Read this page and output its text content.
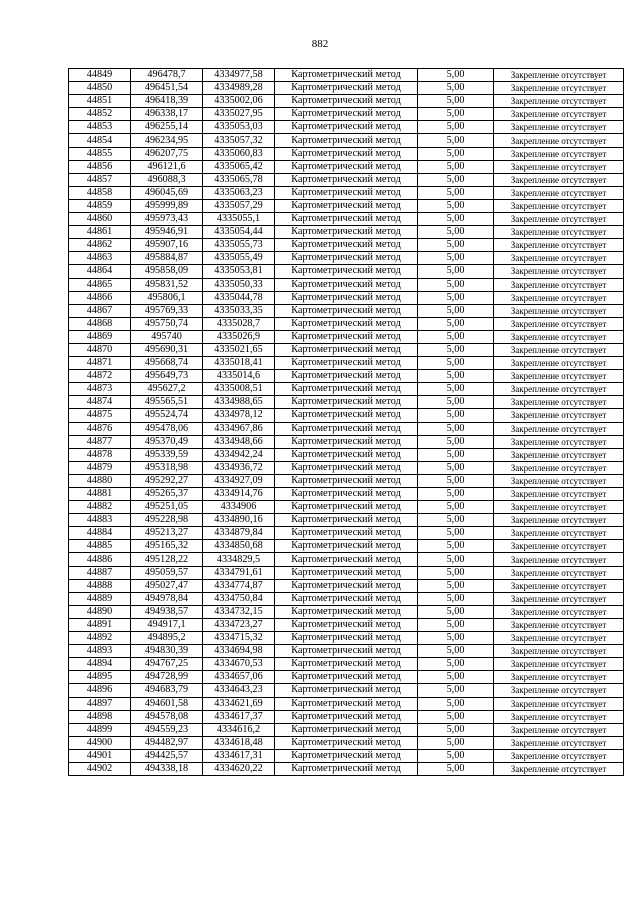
882
44849	496478,7	4334977,58	Картометрический метод	5,00	Закрепление отсутствует
44850	496451,54	4334989,28	Картометрический метод	5,00	Закрепление отсутствует
44851	496418,39	4335002,06	Картометрический метод	5,00	Закрепление отсутствует
44852	496338,17	4335027,95	Картометрический метод	5,00	Закрепление отсутствует
44853	496255,14	4335053,03	Картометрический метод	5,00	Закрепление отсутствует
44854	496234,95	4335057,32	Картометрический метод	5,00	Закрепление отсутствует
44855	496207,75	4335060,83	Картометрический метод	5,00	Закрепление отсутствует
44856	496121,6	4335065,42	Картометрический метод	5,00	Закрепление отсутствует
44857	496088,3	4335065,78	Картометрический метод	5,00	Закрепление отсутствует
44858	496045,69	4335063,23	Картометрический метод	5,00	Закрепление отсутствует
44859	495999,89	4335057,29	Картометрический метод	5,00	Закрепление отсутствует
44860	495973,43	4335055,1	Картометрический метод	5,00	Закрепление отсутствует
44861	495946,91	4335054,44	Картометрический метод	5,00	Закрепление отсутствует
44862	495907,16	4335055,73	Картометрический метод	5,00	Закрепление отсутствует
44863	495884,87	4335055,49	Картометрический метод	5,00	Закрепление отсутствует
44864	495858,09	4335053,81	Картометрический метод	5,00	Закрепление отсутствует
44865	495831,52	4335050,33	Картометрический метод	5,00	Закрепление отсутствует
44866	495806,1	4335044,78	Картометрический метод	5,00	Закрепление отсутствует
44867	495769,33	4335033,35	Картометрический метод	5,00	Закрепление отсутствует
44868	495750,74	4335028,7	Картометрический метод	5,00	Закрепление отсутствует
44869	495740	4335026,9	Картометрический метод	5,00	Закрепление отсутствует
44870	495690,31	4335021,65	Картометрический метод	5,00	Закрепление отсутствует
44871	495668,74	4335018,41	Картометрический метод	5,00	Закрепление отсутствует
44872	495649,73	4335014,6	Картометрический метод	5,00	Закрепление отсутствует
44873	495627,2	4335008,51	Картометрический метод	5,00	Закрепление отсутствует
44874	495565,51	4334988,65	Картометрический метод	5,00	Закрепление отсутствует
44875	495524,74	4334978,12	Картометрический метод	5,00	Закрепление отсутствует
44876	495478,06	4334967,86	Картометрический метод	5,00	Закрепление отсутствует
44877	495370,49	4334948,66	Картометрический метод	5,00	Закрепление отсутствует
44878	495339,59	4334942,24	Картометрический метод	5,00	Закрепление отсутствует
44879	495318,98	4334936,72	Картометрический метод	5,00	Закрепление отсутствует
44880	495292,27	4334927,09	Картометрический метод	5,00	Закрепление отсутствует
44881	495265,37	4334914,76	Картометрический метод	5,00	Закрепление отсутствует
44882	495251,05	4334906	Картометрический метод	5,00	Закрепление отсутствует
44883	495228,98	4334890,16	Картометрический метод	5,00	Закрепление отсутствует
44884	495213,27	4334879,84	Картометрический метод	5,00	Закрепление отсутствует
44885	495165,32	4334850,68	Картометрический метод	5,00	Закрепление отсутствует
44886	495128,22	4334829,5	Картометрический метод	5,00	Закрепление отсутствует
44887	495059,57	4334791,61	Картометрический метод	5,00	Закрепление отсутствует
44888	495027,47	4334774,87	Картометрический метод	5,00	Закрепление отсутствует
44889	494978,84	4334750,84	Картометрический метод	5,00	Закрепление отсутствует
44890	494938,57	4334732,15	Картометрический метод	5,00	Закрепление отсутствует
44891	494917,1	4334723,27	Картометрический метод	5,00	Закрепление отсутствует
44892	494895,2	4334715,32	Картометрический метод	5,00	Закрепление отсутствует
44893	494830,39	4334694,98	Картометрический метод	5,00	Закрепление отсутствует
44894	494767,25	4334670,53	Картометрический метод	5,00	Закрепление отсутствует
44895	494728,99	4334657,06	Картометрический метод	5,00	Закрепление отсутствует
44896	494683,79	4334643,23	Картометрический метод	5,00	Закрепление отсутствует
44897	494601,58	4334621,69	Картометрический метод	5,00	Закрепление отсутствует
44898	494578,08	4334617,37	Картометрический метод	5,00	Закрепление отсутствует
44899	494559,23	4334616,2	Картометрический метод	5,00	Закрепление отсутствует
44900	494482,97	4334618,48	Картометрический метод	5,00	Закрепление отсутствует
44901	494425,57	4334617,31	Картометрический метод	5,00	Закрепление отсутствует
44902	494338,18	4334620,22	Картометрический метод	5,00	Закрепление отсутствует
